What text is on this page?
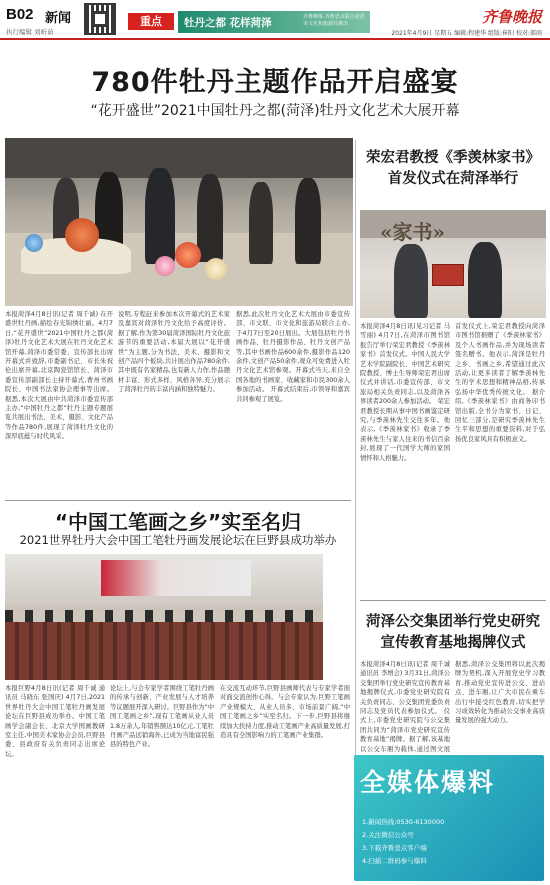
B02 新闻
执行编辑 刘昕茹
重点	牡丹之都 花样菏泽	齐鲁晚报·齐鲁壹点联合菏泽市文化和旅游局推出	齐鲁晚报
2021年4月9日 星期五 编辑:程建华 组版:崔阳 校对:郝雨
780件牡丹主题作品开启盛宴
“花开盛世”2021中国牡丹之都(菏泽)牡丹文化艺术大展开幕
本报菏泽4月8日讯(记者 周千诚) 在开盛世牡丹画,描绘春光锦绣壮丽。4月7日,“花开盛世”2021中国牡丹之都(菏泽)牡丹文化艺术大展在牡丹文化艺术馆开幕,菏泽市委常委、宣传部长出席开幕式并致辞,市委副书记、市长朱祝伦出席开幕,北京陶瓷馆馆长、菏泽市委宣传部副部长主持开幕式,曹州书画院长、中国书法家协会理事等出席。 据悉,本次大展由中共菏泽市委宣传部主办,“中国牡丹之都”牡丹主题专题展览共展出书法、美术、摄影、文化产品等作品780件,展现了菏泽牡丹文化的深厚底蕴与时代风采。
说明,专程赶来参加本次开幕式的艺术家及嘉宾对菏泽牡丹文化给予高度评价。据了解,作为第30届菏泽国际牡丹文化旅游节的重要活动,本届大展以“花开盛世”为主题,分为书法、美术、摄影和文创产品四个板块,共计展出作品780余件,其中既有名家精品,也有新人力作,作品题材丰富、形式多样、风格各异,充分展示了菏泽牡丹的丰富内涵和独特魅力。
据悉,此次牡丹文化艺术大展由市委宣传部、市文联、市文化和旅游局联合主办,于4月7日至20日展出。大展包括牡丹书画作品、牡丹摄影作品、牡丹文创产品等,其中书画作品600余件,摄影作品120余件,文创产品50余件,观众可免费进入牡丹文化艺术馆参观。开幕式当天,来自全国各地的书画家、收藏家和市民300余人参加活动。 开幕式结束后,市领导和嘉宾共同参观了展览。
荣宏君教授《季羡林家书》首发仪式在菏泽举行
«家书»
本报菏泽4月8日讯(见习记者 马雪丽) 4月7日,在菏泽市图书馆报告厅举行荣宏君教授《季羡林家书》首发仪式。中国人民大学艺术学院副院长、中国艺术研究院教授、博士生导师荣宏君出席仪式并讲话,市委宣传部、市文旅局相关负责同志,以及菏泽各界读者200余人参加活动。 荣宏君教授长期从事中国书画鉴定研究,与季羡林先生交往多年。他表示,《季羡林家书》收录了季羡林先生与家人往来的书信百余封,展现了一代国学大师的家国情怀和人格魅力。
首发仪式上,荣宏君教授向菏泽市图书馆捐赠了《季羡林家书》及个人书画作品,并为现场读者签名赠书。他表示,菏泽是牡丹之乡、书画之乡,希望通过此次活动,让更多读者了解季羡林先生的学术思想和精神品格,传承弘扬中华优秀传统文化。 据介绍,《季羡林家书》由商务印书馆出版,全书分为家书、日记、回忆三部分,是研究季羡林先生生平和思想的重要资料,对于弘扬优良家风具有积极意义。
“中国工笔画之乡”实至名归
2021世界牡丹大会中国工笔牡丹画发展论坛在巨野县成功举办
本报巨野4月8日讯(记者 周千诚 通讯员 马晓东 张国庆) 4月7日,2021世界牡丹大会中国工笔牡丹画发展论坛在巨野县成功举办。中国工笔画学会副会长、北京大学国画教研室主任,中国美术家协会会员,巨野县委、县政府有关负责同志出席论坛。
论坛上,与会专家学者围绕工笔牡丹画的传承与创新、产业发展与人才培养等议题展开深入研讨。巨野县作为“中国工笔画之乡”,现有工笔画从业人员1.8万余人,年销售额达10亿元,工笔牡丹画产品远销海外,已成为当地富民强县的特色产业。
在交流互动环节,巨野县画师代表与专家学者面对面交流创作心得。与会专家认为,巨野工笔画产业规模大、从业人员多、市场前景广阔,“中国工笔画之乡”实至名归。下一步,巨野县将继续加大扶持力度,推动工笔画产业高质量发展,打造具有全国影响力的工笔画产业集群。
菏泽公交集团举行党史研究宣传教育基地揭牌仪式
本报菏泽4月8日讯(记者 周千诚 通讯员 李增会) 3月31日,菏泽公交集团举行党史研究宣传教育基地揭牌仪式,市委党史研究院有关负责同志、公交集团党委负责同志及党员代表参加仪式。 仪式上,市委党史研究院与公交集团共同为“菏泽市党史研究宣传教育基地”揭牌。据了解,该基地以公交车厢为载体,通过图文展
据悉,菏泽公交集团将以此次揭牌为契机,深入开展党史学习教育,推动党史宣传进公交、进站点、进车厢,让广大市民在乘车出行中接受红色教育,切实把学习成效转化为推动公交事业高质量发展的强大动力。
全媒体爆料
1.新闻热线:0530-6130000
2.关注微信公众号
3.下载齐鲁壹点客户端
4.扫描二维码参与爆料
